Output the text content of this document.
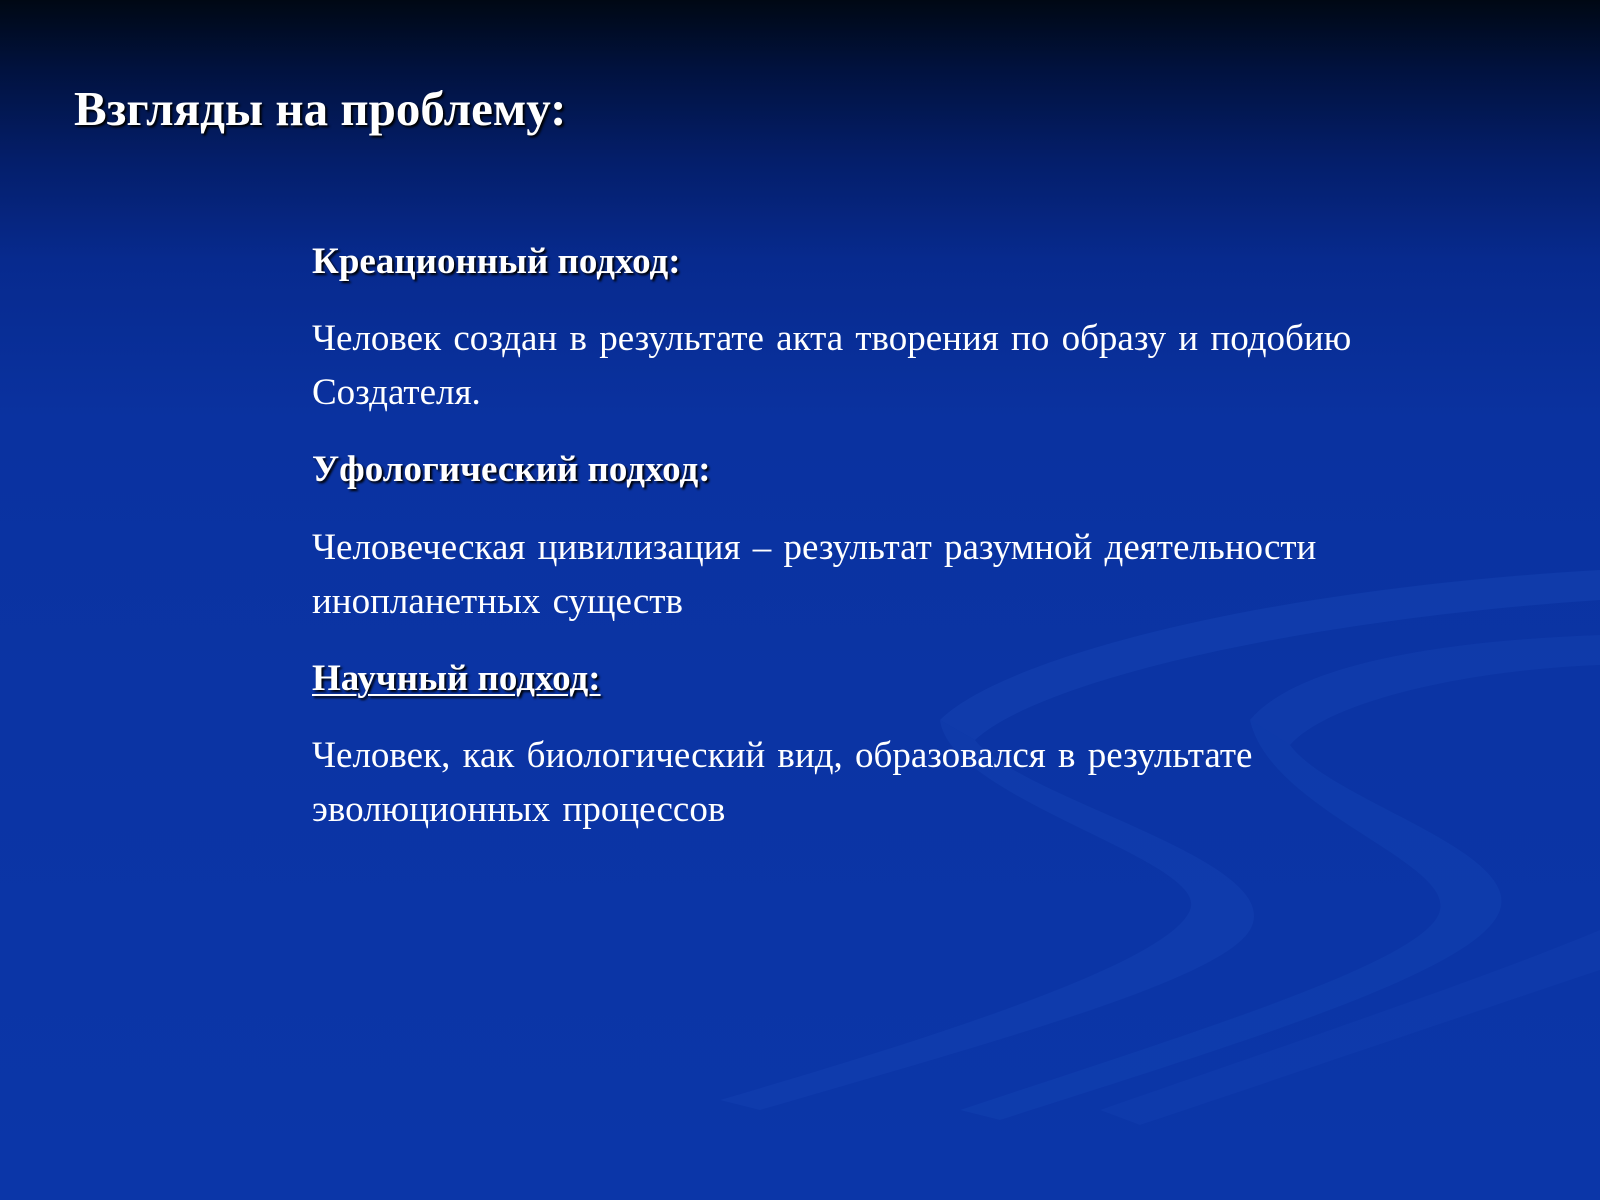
Взгляды на проблему:

Креационный подход:

Человек создан в результате акта творения по образу и подобию Создателя.

Уфологический подход:

Человеческая цивилизация – результат разумной деятельности инопланетных существ

Научный подход:

Человек, как биологический вид, образовался в результате эволюционных процессов
